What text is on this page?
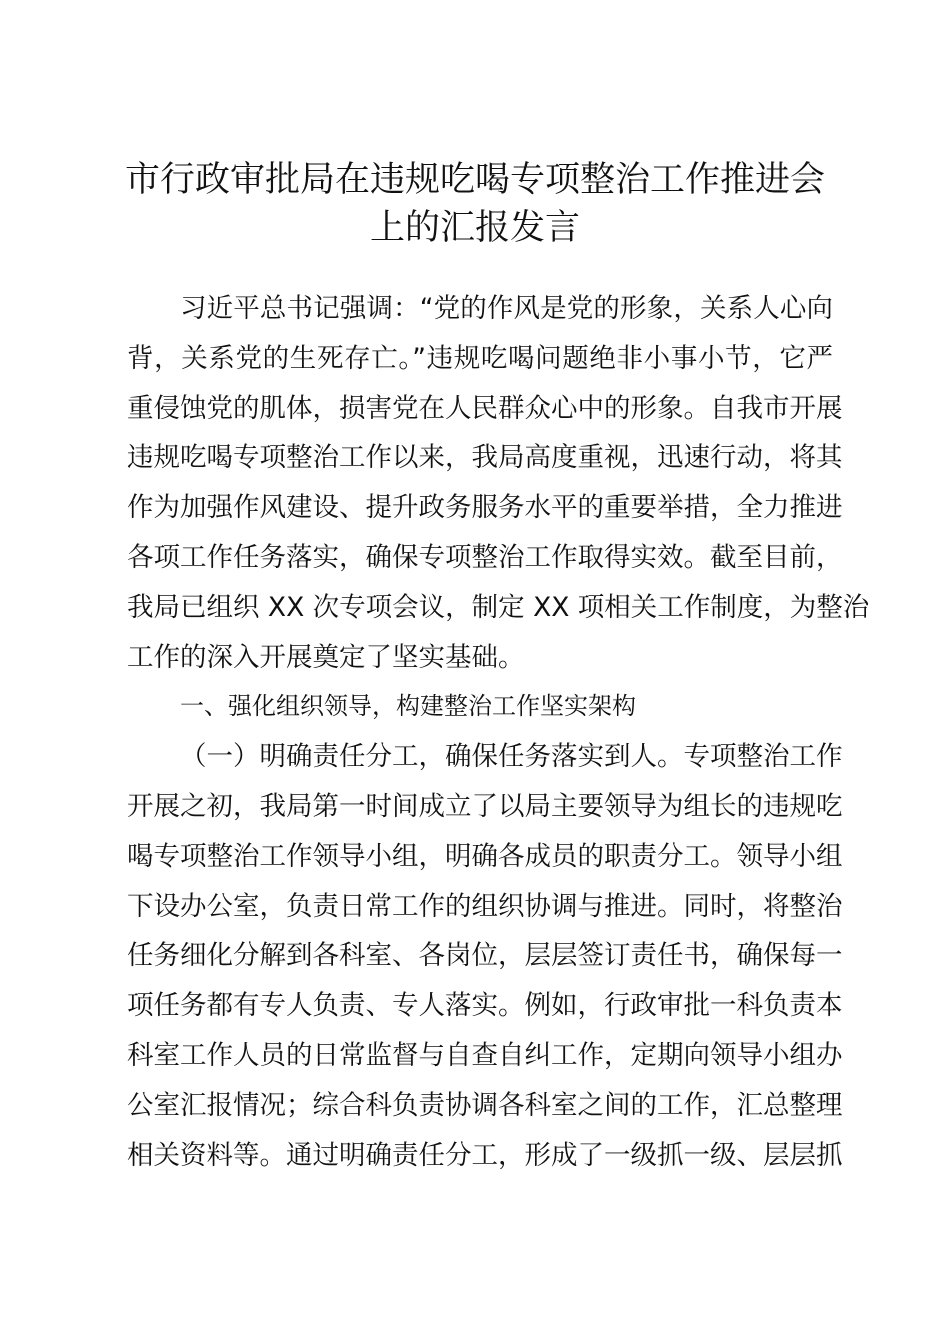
市行政审批局在违规吃喝专项整治工作推进会
上的汇报发言
习近平总书记强调：“党的作风是党的形象，关系人心向
背，关系党的生死存亡。”违规吃喝问题绝非小事小节，它严
重侵蚀党的肌体，损害党在人民群众心中的形象。自我市开展
违规吃喝专项整治工作以来，我局高度重视，迅速行动，将其
作为加强作风建设、提升政务服务水平的重要举措，全力推进
各项工作任务落实，确保专项整治工作取得实效。截至目前，
我局已组织 XX 次专项会议，制定 XX 项相关工作制度，为整治
工作的深入开展奠定了坚实基础。
一、强化组织领导，构建整治工作坚实架构
（一）明确责任分工，确保任务落实到人。专项整治工作
开展之初，我局第一时间成立了以局主要领导为组长的违规吃
喝专项整治工作领导小组，明确各成员的职责分工。领导小组
下设办公室，负责日常工作的组织协调与推进。同时，将整治
任务细化分解到各科室、各岗位，层层签订责任书，确保每一
项任务都有专人负责、专人落实。例如，行政审批一科负责本
科室工作人员的日常监督与自查自纠工作，定期向领导小组办
公室汇报情况；综合科负责协调各科室之间的工作，汇总整理
相关资料等。通过明确责任分工，形成了一级抓一级、层层抓
